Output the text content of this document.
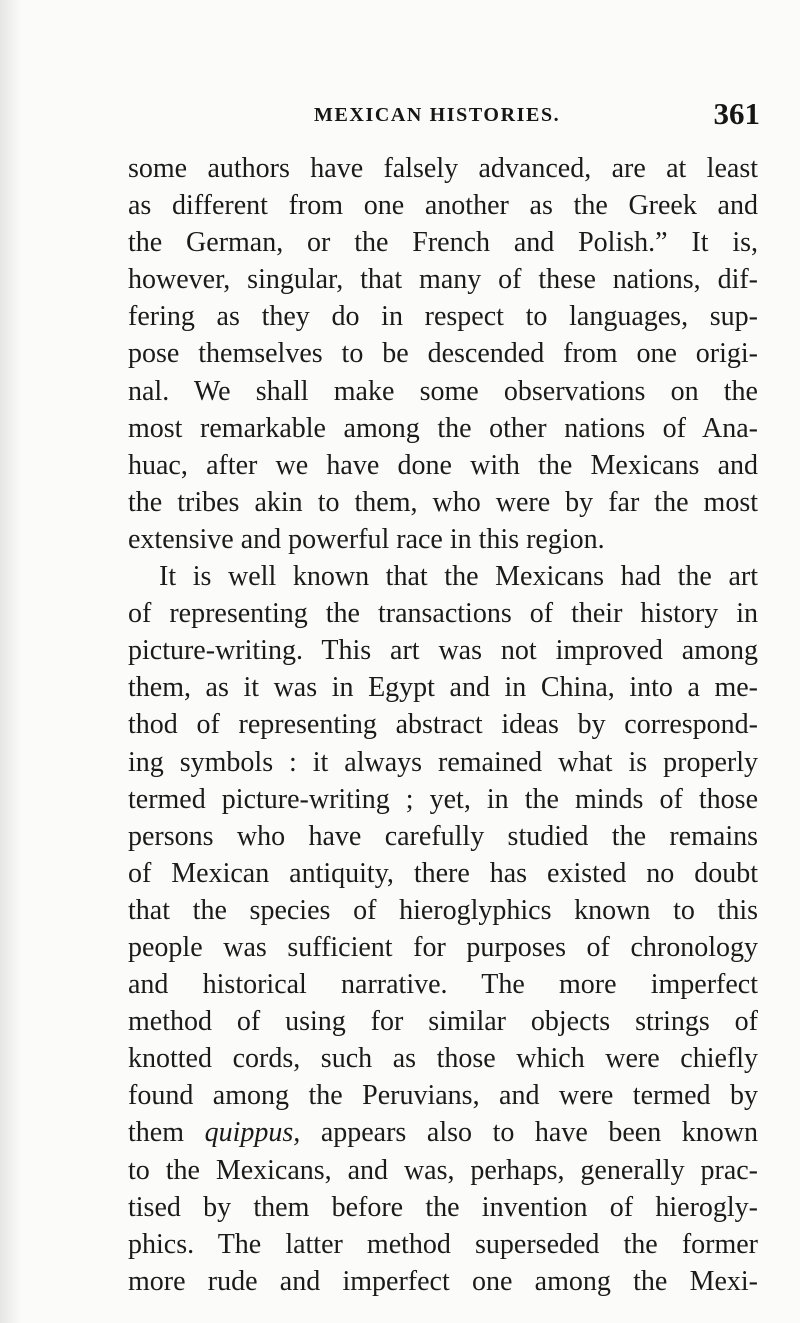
MEXICAN HISTORIES.	361
some authors have falsely advanced, are at least
as different from one another as the Greek and
the German, or the French and Polish.” It is,
however, singular, that many of these nations, dif-
fering as they do in respect to languages, sup-
pose themselves to be descended from one origi-
nal. We shall make some observations on the
most remarkable among the other nations of Ana-
huac, after we have done with the Mexicans and
the tribes akin to them, who were by far the most
extensive and powerful race in this region.
It is well known that the Mexicans had the art
of representing the transactions of their history in
picture-writing. This art was not improved among
them, as it was in Egypt and in China, into a me-
thod of representing abstract ideas by correspond-
ing symbols : it always remained what is properly
termed picture-writing ; yet, in the minds of those
persons who have carefully studied the remains
of Mexican antiquity, there has existed no doubt
that the species of hieroglyphics known to this
people was sufficient for purposes of chronology
and historical narrative. The more imperfect
method of using for similar objects strings of
knotted cords, such as those which were chiefly
found among the Peruvians, and were termed by
them quippus, appears also to have been known
to the Mexicans, and was, perhaps, generally prac-
tised by them before the invention of hierogly-
phics. The latter method superseded the former
more rude and imperfect one among the Mexi-
